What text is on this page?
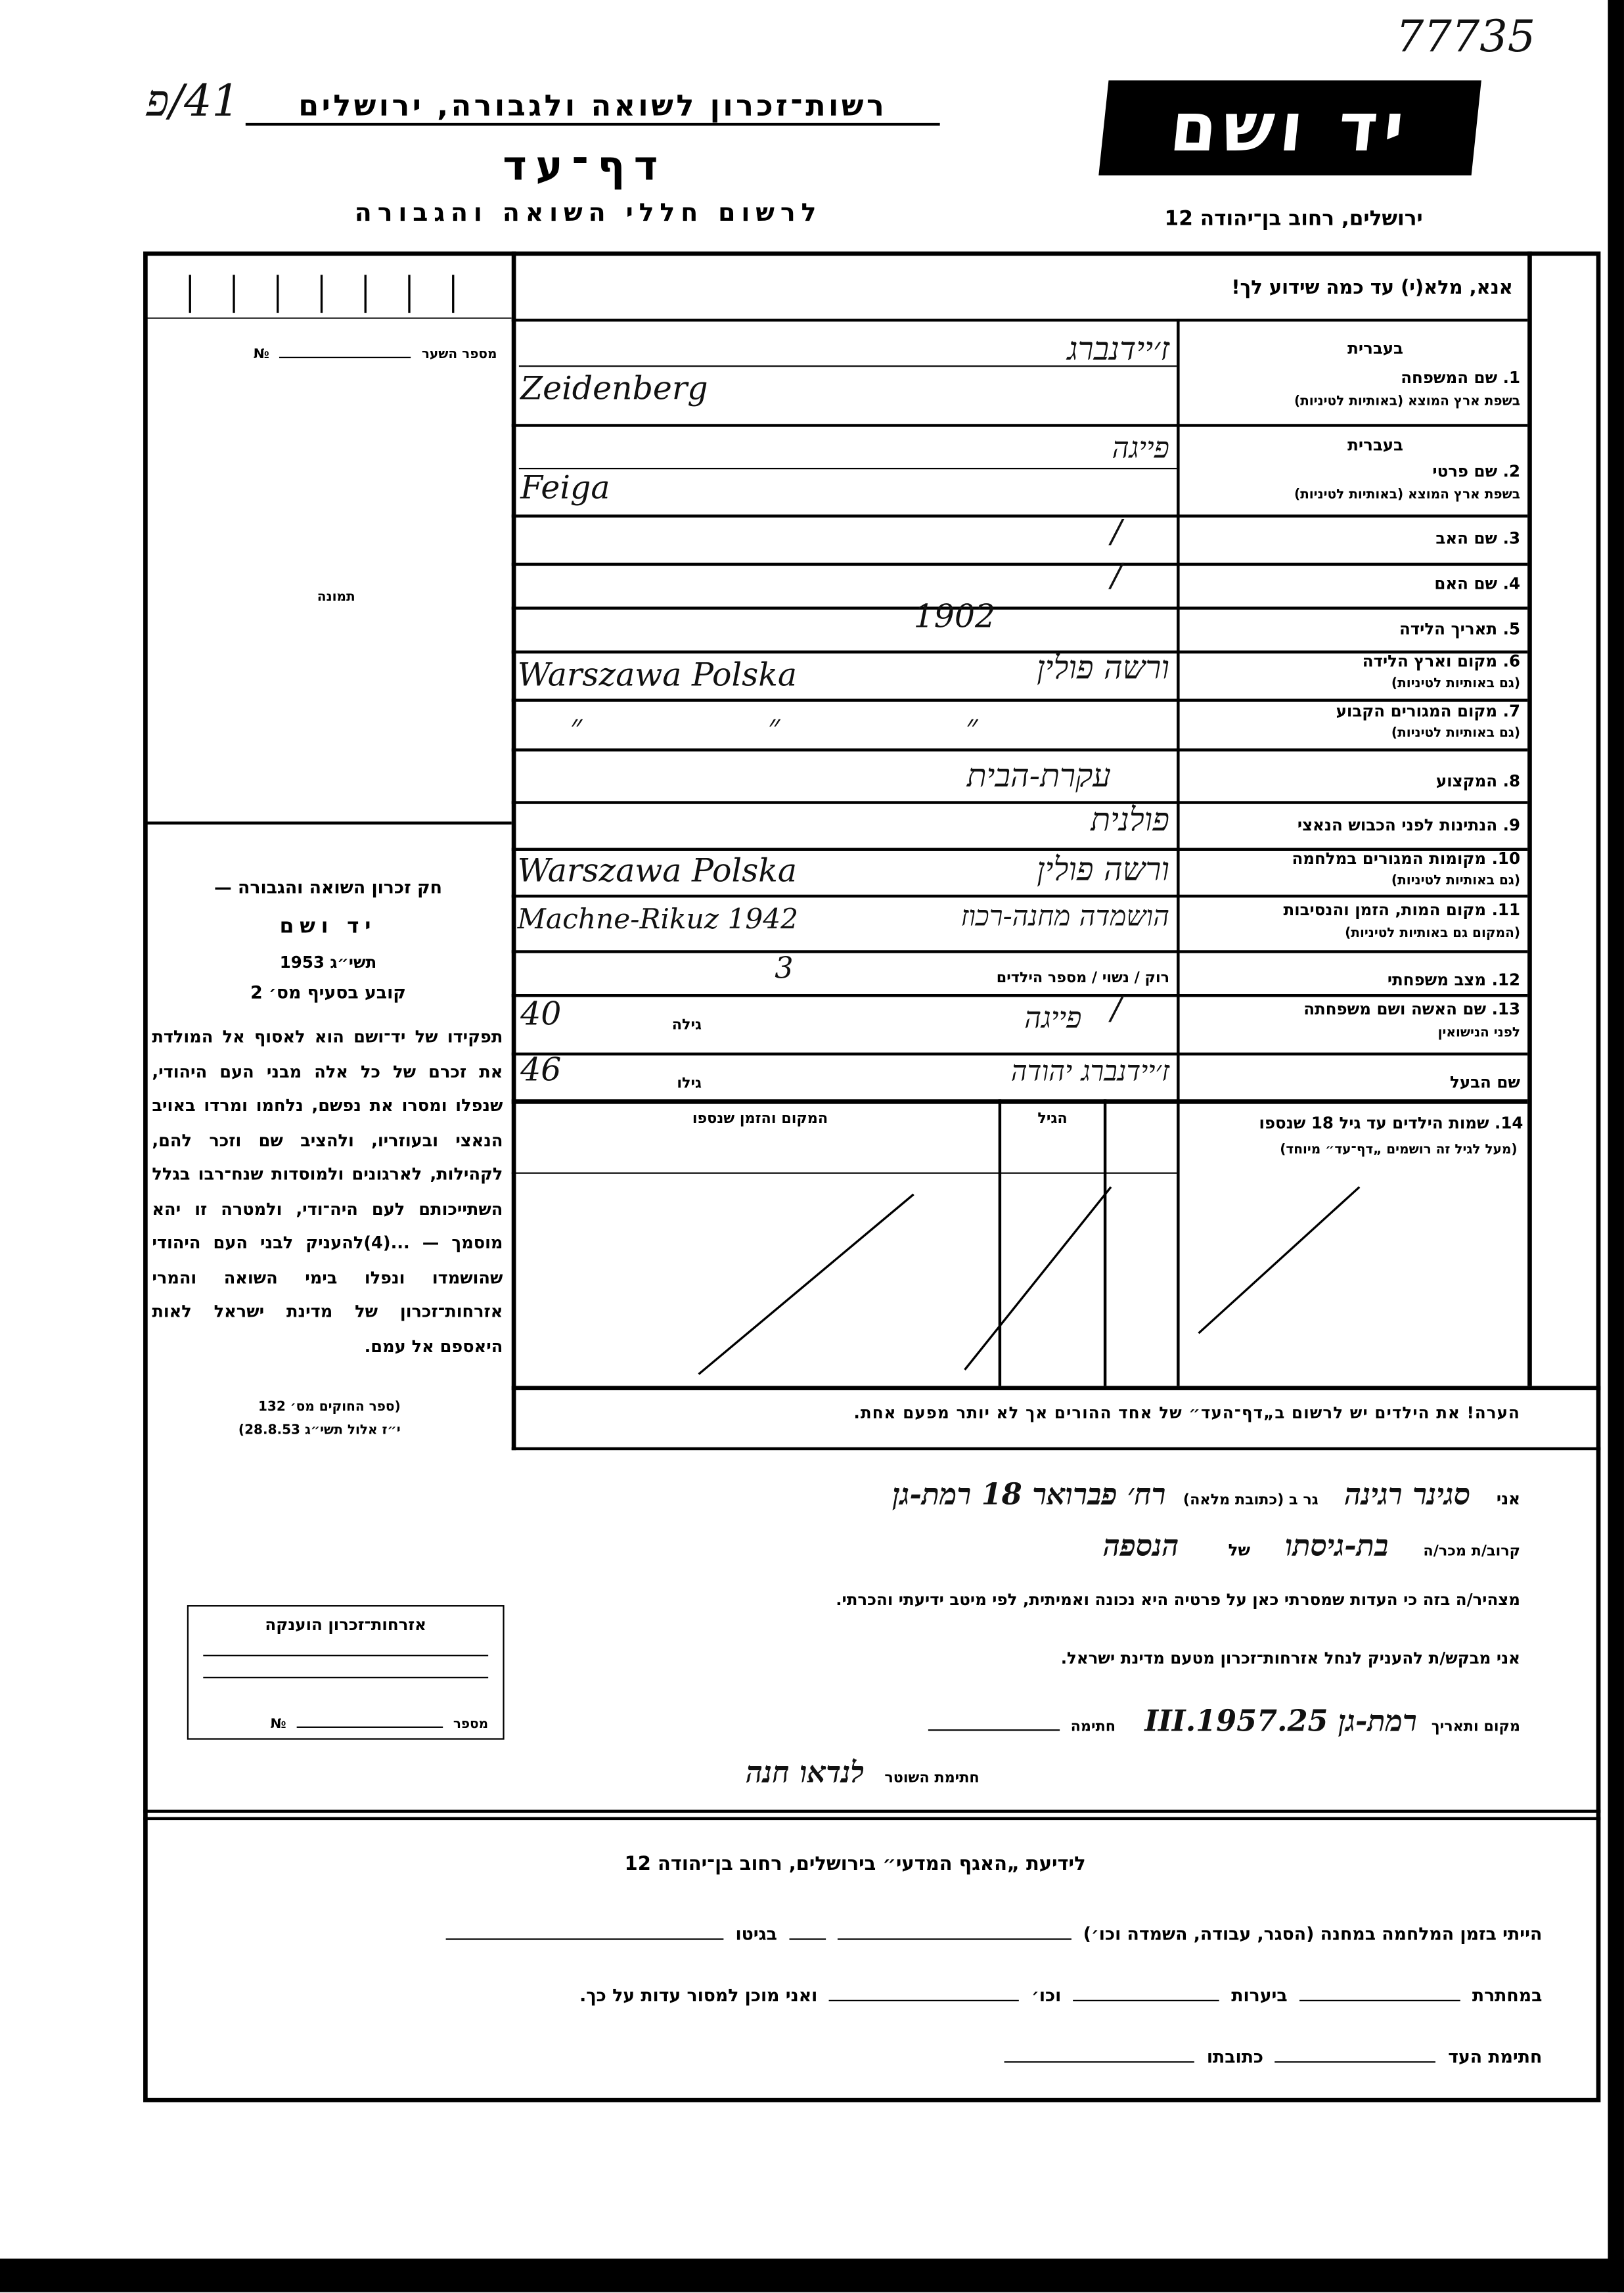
77735
41/פ	רשות־זכרון לשואה ולגבורה, ירושלים
דף־עד
לרשום חללי השואה והגבורה
יד ושם
ירושלים, רחוב בן־יהודה 12
אנא, מלא(י) עד כמה שידוע לך!
בעברית
1. שם המשפחה
בשפת ארץ המוצא (באותיות לטיניות)
בעברית
2. שם פרטי
בשפת ארץ המוצא (באותיות לטיניות)
3. שם האב
4. שם האם
5. תאריך הלידה
6. מקום וארץ הלידה
(גם באותיות לטיניות)
7. מקום המגורים הקבוע
(גם באותיות לטיניות)
8. המקצוע
9. הנתינות לפני הכבוש הנאצי
10. מקומות המגורים במלחמה
(גם באותיות לטיניות)
11. מקום המות, הזמן והנסיבות
(המקום גם באותיות לטיניות)
12. מצב משפחתי
13. שם האשה ושם משפחתה
לפני הנישואין
שם הבעל
14. שמות הילדים עד גיל 18 שנספו
(מעל לגיל זה רושמים „דף־עד״ מיוחד)
ז׳יידנברג
Zeidenberg
פייגה
Feiga
/
/
1902
ורשה פולין
Warszawa Polska
״ ״ ״
עקרת-הבית
פולנית
ורשה פולין
Warszawa Polska
הושמדה מחנה-רכוז
Machne-Rikuz 1942
רוק / נשוי / מספר הילדים
3
/
פייגה
גילה
40
ז׳יידנברג יהודה
גילו
46
הגיל
המקום והזמן שנספו
הערה! את הילדים יש לרשום ב„דף־העד״ של אחד ההורים אך לא יותר מפעם אחת.
מספר השער  №
תמונה
חק זכרון השואה והגבורה —
יד ושם
תשי״ג 1953
קובע בסעיף מס׳ 2
תפקידו של יד־ושם הוא לאסוף אל המולדת את זכרם של כל אלה מבני העם היהודי, שנפלו ומסרו את נפשם, נלחמו ומרדו באויב הנאצי ובעוזריו, ולהציב שם וזכר להם, לקהילות, לארגונים ולמוסדות שנח־רבו בגלל השתייכותם לעם היה־ודי, ולמטרה זו יהא מוסמך — ...(4)להעניק לבני העם היהודי שהושמדו ונפלו בימי השואה והמרי אזרחות־זכרון של מדינת ישראל לאות היאספם אל עמם.
(ספר החוקים מס׳ 132
י״ז אלול תשי״ג 28.8.53)
אזרחות־זכרון הוענקה
מספר  №
אני סגינר רגינה גר ב (כתובת מלאה) רח׳ פברואר 18 רמת-גן
קרוב/ת מכר/ה בת-גיסתו של הנספה
מצהיר/ה בזה כי העדות שמסרתי כאן על פרטיה היא נכונה ואמיתית, לפי מיטב ידיעתי והכרתי.
אני מבקש/ת להעניק לנחל אזרחות־זכרון מטעם מדינת ישראל.
מקום ותאריך רמת-גן 25.III.1957 חתימה
חתימת השוטר לנדאו חנה
לידיעת „האגף המדעי״ בירושלים, רחוב בן־יהודה 12
הייתי בזמן המלחמה במחנה (הסגר, עבודה, השמדה וכו׳)  בגיטו
במחתרת  ביערות  וכו׳  ואני מוכן למסור עדות על כך.
חתימת העד  כתובתו
